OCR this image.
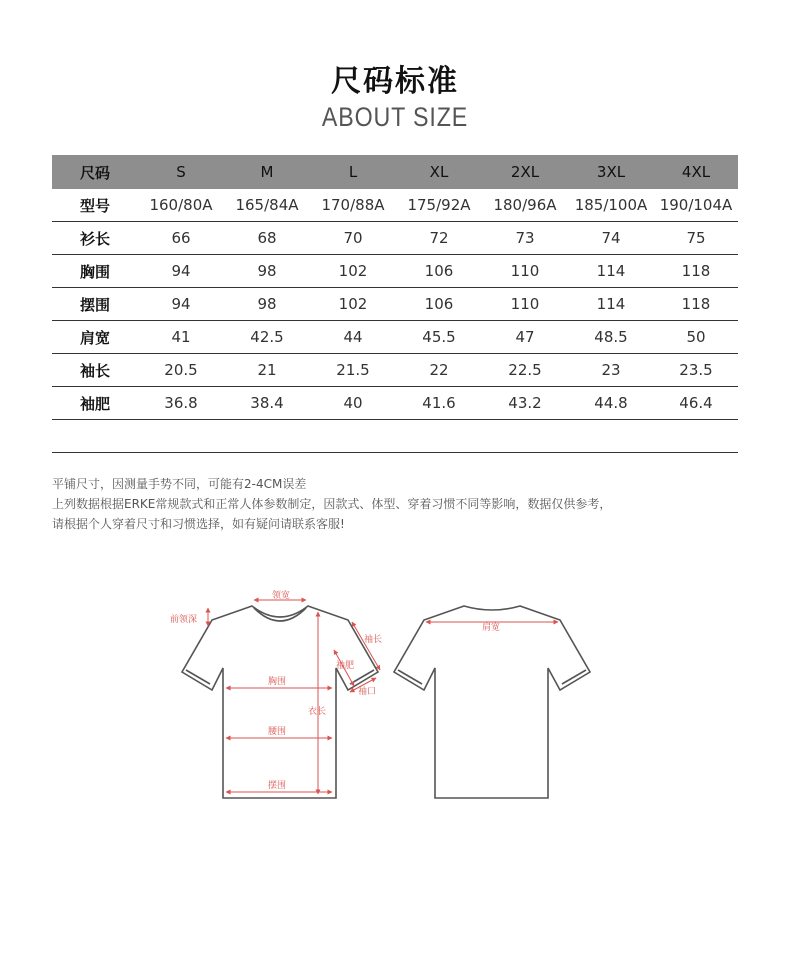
尺码标准
ABOUT SIZE
尺码	S	M	L	XL	2XL	3XL	4XL
型号	160/80A	165/84A	170/88A	175/92A	180/96A	185/100A	190/104A
衫长	66	68	70	72	73	74	75
胸围	94	98	102	106	110	114	118
摆围	94	98	102	106	110	114	118
肩宽	41	42.5	44	45.5	47	48.5	50
袖长	20.5	21	21.5	22	22.5	23	23.5
袖肥	36.8	38.4	40	41.6	43.2	44.8	46.4

平铺尺寸，因测量手势不同，可能有2-4CM误差
上列数据根据ERKE常规款式和正常人体参数制定，因款式、体型、穿着习惯不同等影响，数据仅供参考，
请根据个人穿着尺寸和习惯选择，如有疑问请联系客服!
领宽
前领深
袖长
袖肥
袖口
胸围
衣长
腰围
摆围
肩宽
